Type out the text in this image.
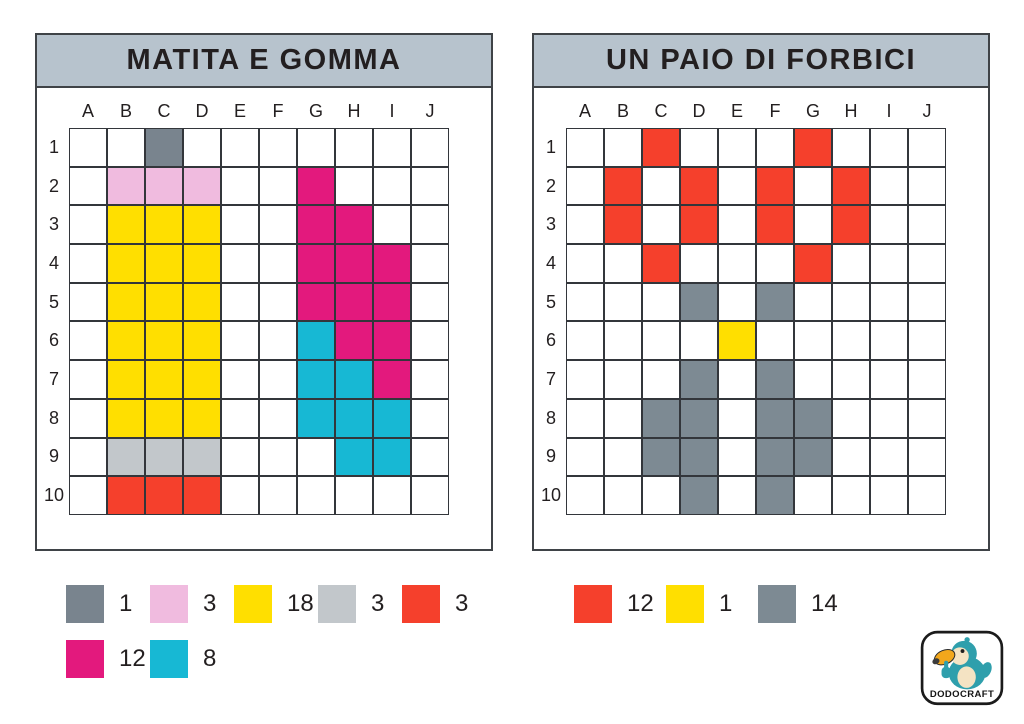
MATITA E GOMMA
A	B	C	D	E	F	G	H	I	J
1
2
3
4
5
6
7
8
9
10
1	3	18 3	3
12 8
UN PAIO DI FORBICI
A	B	C	D	E	F	G	H	I	J
1
2
3
4
5
6
7
8
9
10
12	1	14
DODOCRAFT
